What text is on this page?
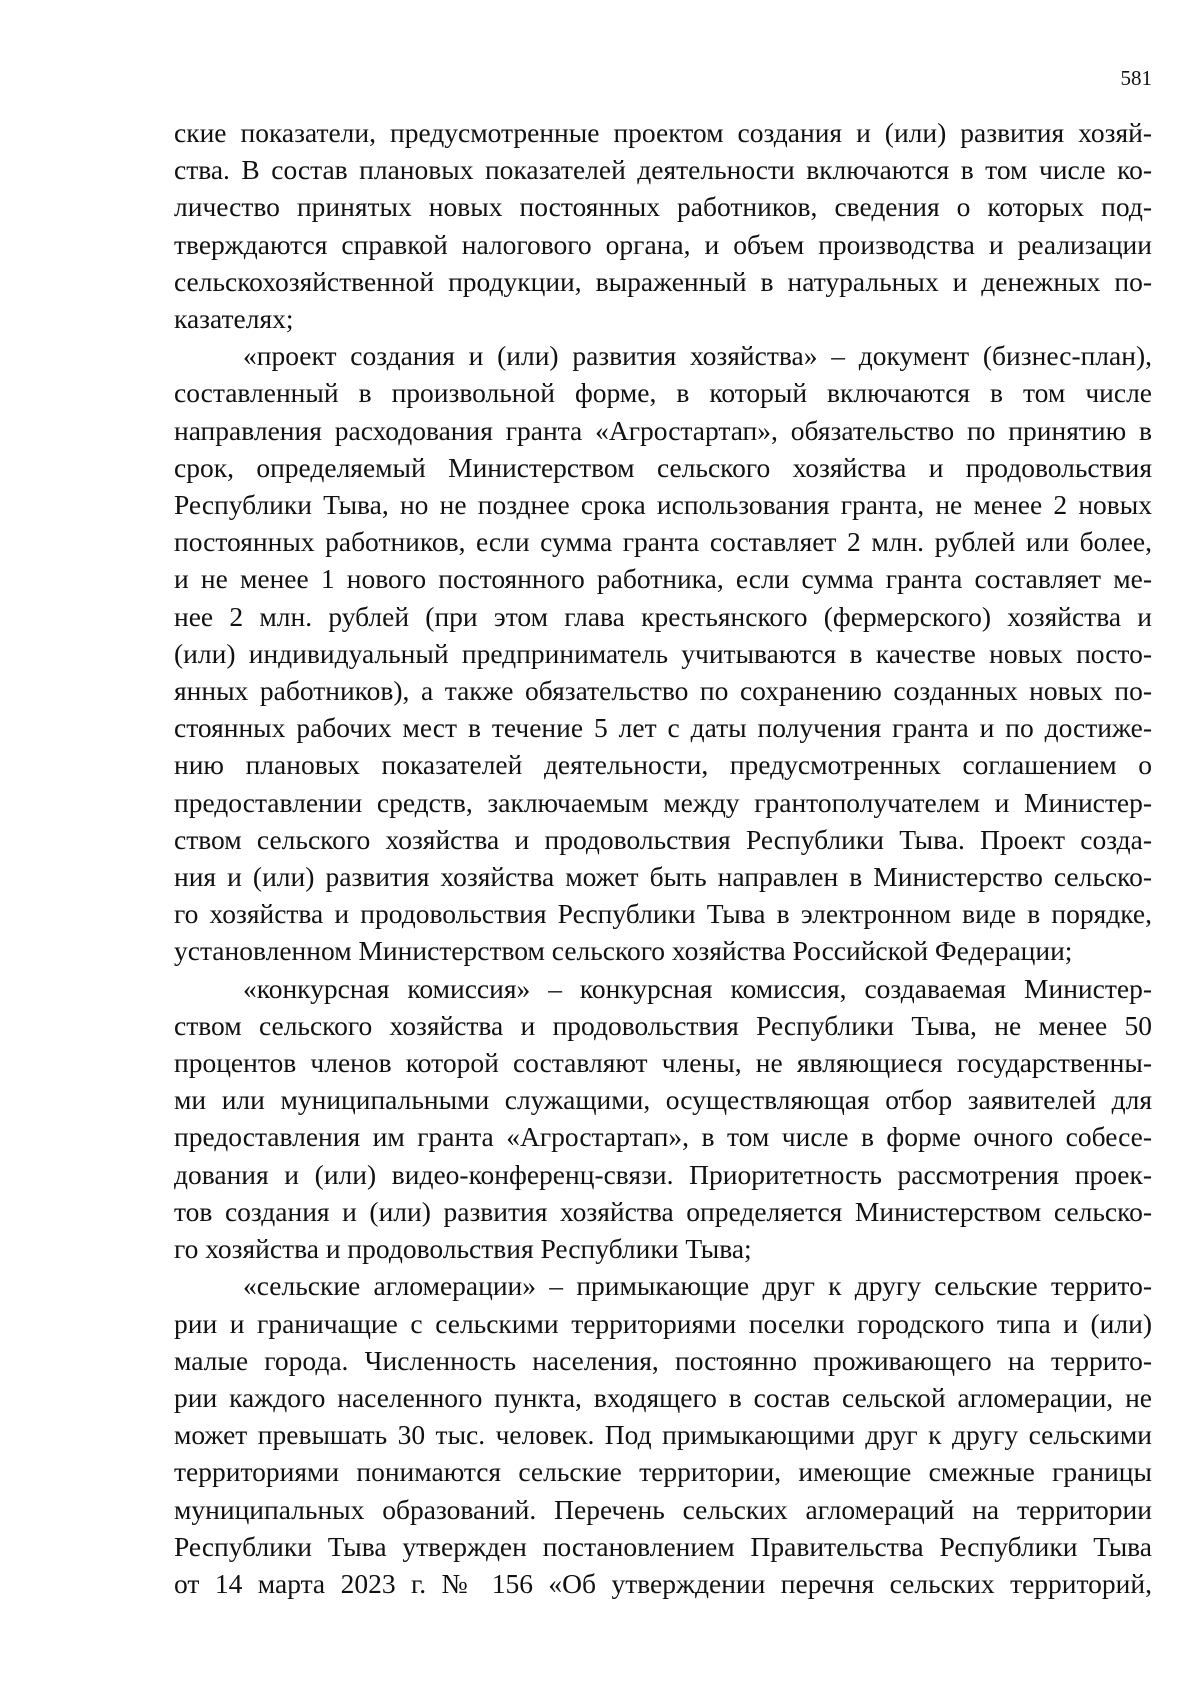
581
ские показатели, предусмотренные проектом создания и (или) развития хозяй-
ства. В состав плановых показателей деятельности включаются в том числе ко-
личество принятых новых постоянных работников, сведения о которых под-
тверждаются справкой налогового органа, и объем производства и реализации
сельскохозяйственной продукции, выраженный в натуральных и денежных по-
казателях;
«проект создания и (или) развития хозяйства» – документ (бизнес-план),
составленный в произвольной форме, в который включаются в том числе
направления расходования гранта «Агростартап», обязательство по принятию в
срок, определяемый Министерством сельского хозяйства и продовольствия
Республики Тыва, но не позднее срока использования гранта, не менее 2 новых
постоянных работников, если сумма гранта составляет 2 млн. рублей или более,
и не менее 1 нового постоянного работника, если сумма гранта составляет ме-
нее 2 млн. рублей (при этом глава крестьянского (фермерского) хозяйства и
(или) индивидуальный предприниматель учитываются в качестве новых посто-
янных работников), а также обязательство по сохранению созданных новых по-
стоянных рабочих мест в течение 5 лет с даты получения гранта и по достиже-
нию плановых показателей деятельности, предусмотренных соглашением о
предоставлении средств, заключаемым между грантополучателем и Министер-
ством сельского хозяйства и продовольствия Республики Тыва. Проект созда-
ния и (или) развития хозяйства может быть направлен в Министерство сельско-
го хозяйства и продовольствия Республики Тыва в электронном виде в порядке,
установленном Министерством сельского хозяйства Российской Федерации;
«конкурсная комиссия» – конкурсная комиссия, создаваемая Министер-
ством сельского хозяйства и продовольствия Республики Тыва, не менее 50
процентов членов которой составляют члены, не являющиеся государственны-
ми или муниципальными служащими, осуществляющая отбор заявителей для
предоставления им гранта «Агростартап», в том числе в форме очного собесе-
дования и (или) видео-конференц-связи. Приоритетность рассмотрения проек-
тов создания и (или) развития хозяйства определяется Министерством сельско-
го хозяйства и продовольствия Республики Тыва;
«сельские агломерации» – примыкающие друг к другу сельские террито-
рии и граничащие с сельскими территориями поселки городского типа и (или)
малые города. Численность населения, постоянно проживающего на террито-
рии каждого населенного пункта, входящего в состав сельской агломерации, не
может превышать 30 тыс. человек. Под примыкающими друг к другу сельскими
территориями понимаются сельские территории, имеющие смежные границы
муниципальных образований. Перечень сельских агломераций на территории
Республики Тыва утвержден постановлением Правительства Республики Тыва
от 14 марта 2023 г. № 156 «Об утверждении перечня сельских территорий,
